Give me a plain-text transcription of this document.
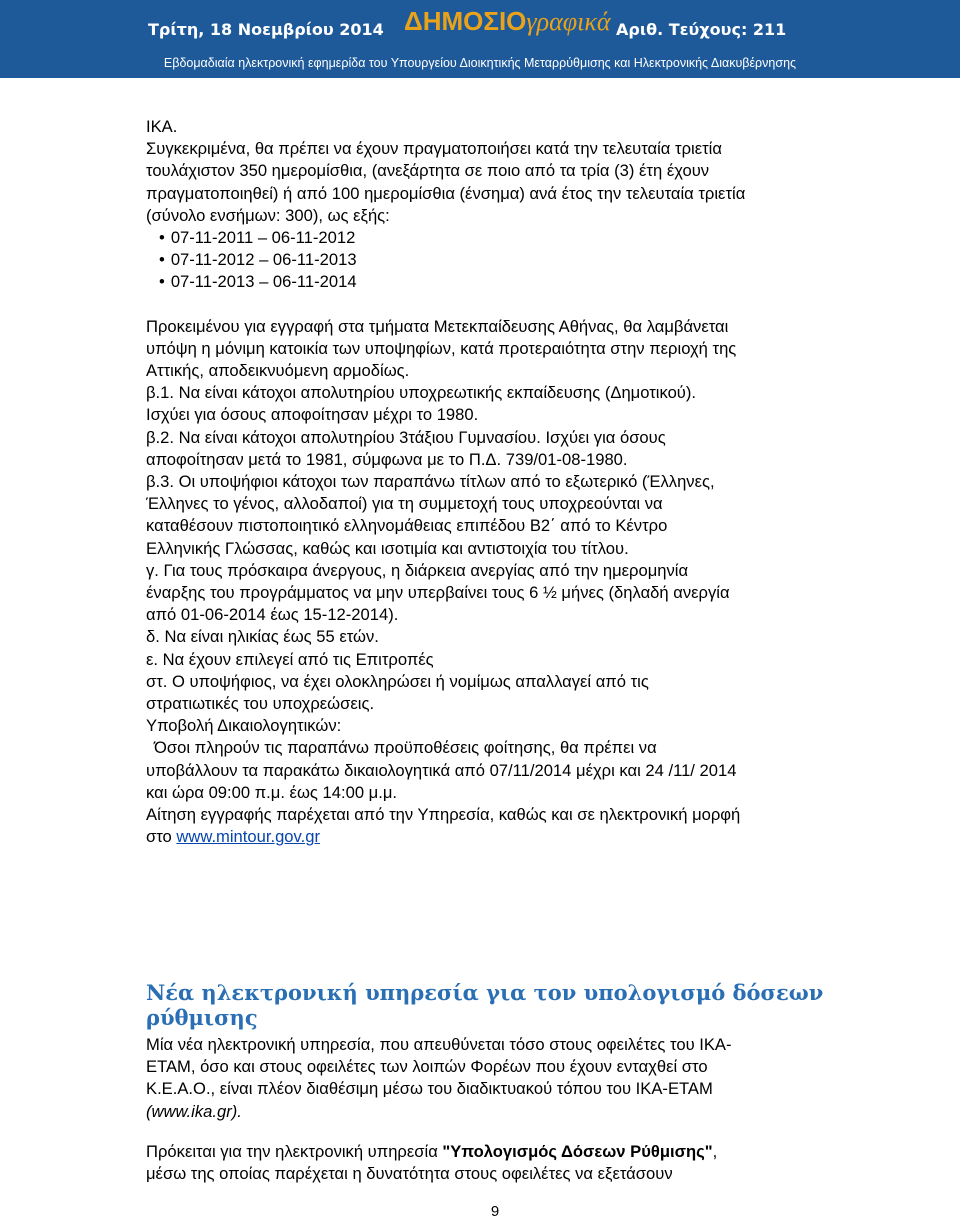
Τρίτη, 18 Νοεμβρίου 2014 ΔΗΜΟΣΙΟγραφικά Αριθ. Τεύχους: 211
Εβδομαδιαία ηλεκτρονική εφημερίδα του Υπουργείου Διοικητικής Μεταρρύθμισης και Ηλεκτρονικής Διακυβέρνησης

ΙΚΑ.

Συγκεκριμένα, θα πρέπει να έχουν πραγματοποιήσει κατά την τελευταία τριετία

τουλάχιστον 350 ημερομίσθια, (ανεξάρτητα σε ποιο από τα τρία (3) έτη έχουν

πραγματοποιηθεί) ή από 100 ημερομίσθια (ένσημα) ανά έτος την τελευταία τριετία

(σύνολο ενσήμων: 300), ως εξής:

• 07-11-2011 – 06-11-2012

• 07-11-2012 – 06-11-2013

• 07-11-2013 – 06-11-2014

Προκειμένου για εγγραφή στα τμήματα Μετεκπαίδευσης Αθήνας, θα λαμβάνεται

υπόψη η μόνιμη κατοικία των υποψηφίων, κατά προτεραιότητα στην περιοχή της

Αττικής, αποδεικνυόμενη αρμοδίως.

β.1. Να είναι κάτοχοι απολυτηρίου υποχρεωτικής εκπαίδευσης (Δημοτικού).

Ισχύει για όσους αποφοίτησαν μέχρι το 1980.

β.2. Να είναι κάτοχοι απολυτηρίου 3τάξιου Γυμνασίου. Ισχύει για όσους

αποφοίτησαν μετά το 1981, σύμφωνα με το Π.Δ. 739/01-08-1980.

β.3. Οι υποψήφιοι κάτοχοι των παραπάνω τίτλων από το εξωτερικό (Έλληνες,

Έλληνες το γένος, αλλοδαποί) για τη συμμετοχή τους υποχρεούνται να

καταθέσουν πιστοποιητικό ελληνομάθειας επιπέδου Β2΄ από το Κέντρο

Ελληνικής Γλώσσας, καθώς και ισοτιμία και αντιστοιχία του τίτλου.

γ. Για τους πρόσκαιρα άνεργους, η διάρκεια ανεργίας από την ημερομηνία

έναρξης του προγράμματος να μην υπερβαίνει τους 6 ½ μήνες (δηλαδή ανεργία

από 01-06-2014 έως 15-12-2014).

δ. Να είναι ηλικίας έως 55 ετών.

ε. Να έχουν επιλεγεί από τις Επιτροπές

στ. Ο υποψήφιος, να έχει ολοκληρώσει ή νομίμως απαλλαγεί από τις

στρατιωτικές του υποχρεώσεις.

Υποβολή Δικαιολογητικών:

Όσοι πληρούν τις παραπάνω προϋποθέσεις φοίτησης, θα πρέπει να

υποβάλλουν τα παρακάτω δικαιολογητικά από 07/11/2014 μέχρι και 24 /11/ 2014

και ώρα 09:00 π.μ. έως 14:00 μ.μ.

Αίτηση εγγραφής παρέχεται από την Υπηρεσία, καθώς και σε ηλεκτρονική μορφή

στο www.mintour.gov.gr

Νέα ηλεκτρονική υπηρεσία για τον υπολογισμό δόσεων ρύθμισης

Μία νέα ηλεκτρονική υπηρεσία, που απευθύνεται τόσο στους οφειλέτες του ΙΚΑ-

ΕΤΑΜ, όσο και στους οφειλέτες των λοιπών Φορέων που έχουν ενταχθεί στο

Κ.Ε.Α.Ο., είναι πλέον διαθέσιμη μέσω του διαδικτυακού τόπου του ΙΚΑ-ΕΤΑΜ

(www.ika.gr).

Πρόκειται για την ηλεκτρονική υπηρεσία "Υπολογισμός Δόσεων Ρύθμισης",

μέσω της οποίας παρέχεται η δυνατότητα στους οφειλέτες να εξετάσουν

9
